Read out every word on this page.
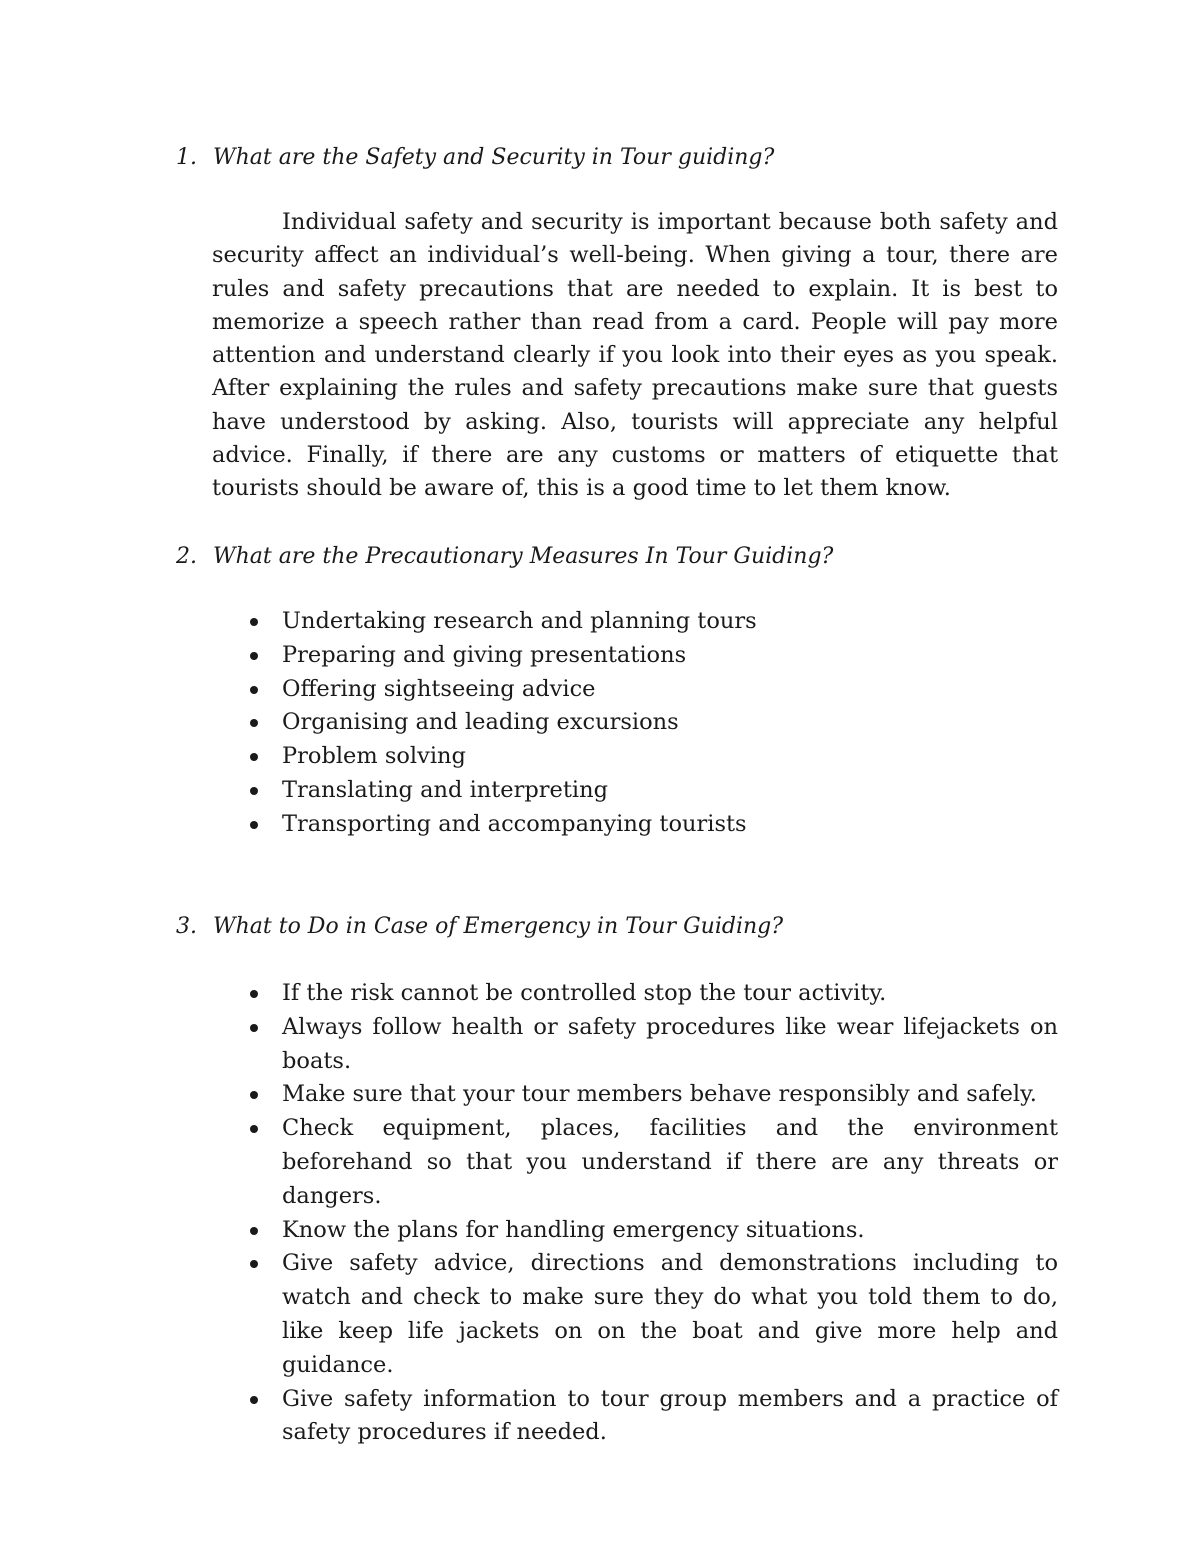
1. What are the Safety and Security in Tour guiding?

Individual safety and security is important because both safety and security affect an individual’s well-being. When giving a tour, there are rules and safety precautions that are needed to explain. It is best to memorize a speech rather than read from a card. People will pay more attention and understand clearly if you look into their eyes as you speak. After explaining the rules and safety precautions make sure that guests have understood by asking. Also, tourists will appreciate any helpful advice. Finally, if there are any customs or matters of etiquette that tourists should be aware of, this is a good time to let them know.

2. What are the Precautionary Measures In Tour Guiding?
Undertaking research and planning tours
Preparing and giving presentations
Offering sightseeing advice
Organising and leading excursions
Problem solving
Translating and interpreting
Transporting and accompanying tourists
3. What to Do in Case of Emergency in Tour Guiding?
If the risk cannot be controlled stop the tour activity.
Always follow health or safety procedures like wear lifejackets on boats.
Make sure that your tour members behave responsibly and safely.
Check equipment, places, facilities and the environment beforehand so that you understand if there are any threats or dangers.
Know the plans for handling emergency situations.
Give safety advice, directions and demonstrations including to watch and check to make sure they do what you told them to do, like keep life jackets on on the boat and give more help and guidance.
Give safety information to tour group members and a practice of safety procedures if needed.
